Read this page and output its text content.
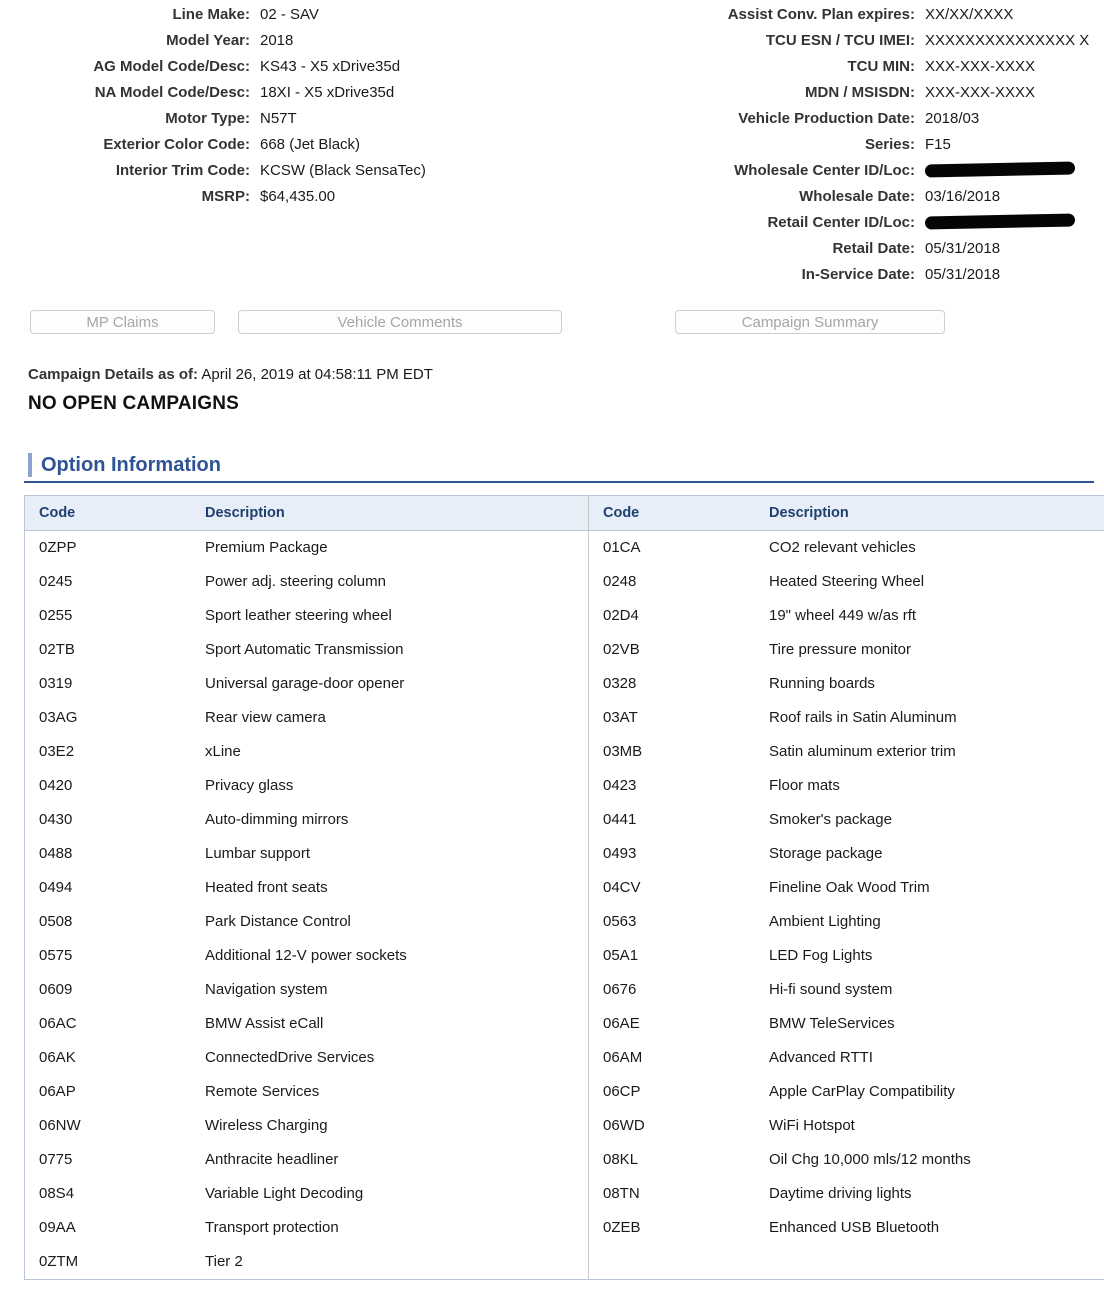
Line Make: 02 - SAV
Model Year: 2018
AG Model Code/Desc: KS43 - X5 xDrive35d
NA Model Code/Desc: 18XI - X5 xDrive35d
Motor Type: N57T
Exterior Color Code: 668 (Jet Black)
Interior Trim Code: KCSW (Black SensaTec)
MSRP: $64,435.00
Assist Conv. Plan expires: XX/XX/XXXX
TCU ESN / TCU IMEI: XXXXXXXXXXXXXXX X
TCU MIN: XXX-XXX-XXXX
MDN / MSISDN: XXX-XXX-XXXX
Vehicle Production Date: 2018/03
Series: F15
Wholesale Center ID/Loc:
Wholesale Date: 03/16/2018
Retail Center ID/Loc:
Retail Date: 05/31/2018
In-Service Date: 05/31/2018
MP Claims	Vehicle Comments	Campaign Summary
Campaign Details as of: April 26, 2019 at 04:58:11 PM EDT
NO OPEN CAMPAIGNS
Option Information
Code	Description	Code	Description
0ZPP	Premium Package	01CA	CO2 relevant vehicles
0245	Power adj. steering column	0248	Heated Steering Wheel
0255	Sport leather steering wheel	02D4	19" wheel 449 w/as rft
02TB	Sport Automatic Transmission	02VB	Tire pressure monitor
0319	Universal garage-door opener	0328	Running boards
03AG	Rear view camera	03AT	Roof rails in Satin Aluminum
03E2	xLine	03MB	Satin aluminum exterior trim
0420	Privacy glass	0423	Floor mats
0430	Auto-dimming mirrors	0441	Smoker's package
0488	Lumbar support	0493	Storage package
0494	Heated front seats	04CV	Fineline Oak Wood Trim
0508	Park Distance Control	0563	Ambient Lighting
0575	Additional 12-V power sockets	05A1	LED Fog Lights
0609	Navigation system	0676	Hi-fi sound system
06AC	BMW Assist eCall	06AE	BMW TeleServices
06AK	ConnectedDrive Services	06AM	Advanced RTTI
06AP	Remote Services	06CP	Apple CarPlay Compatibility
06NW	Wireless Charging	06WD	WiFi Hotspot
0775	Anthracite headliner	08KL	Oil Chg 10,000 mls/12 months
08S4	Variable Light Decoding	08TN	Daytime driving lights
09AA	Transport protection	0ZEB	Enhanced USB Bluetooth
0ZTM	Tier 2		
